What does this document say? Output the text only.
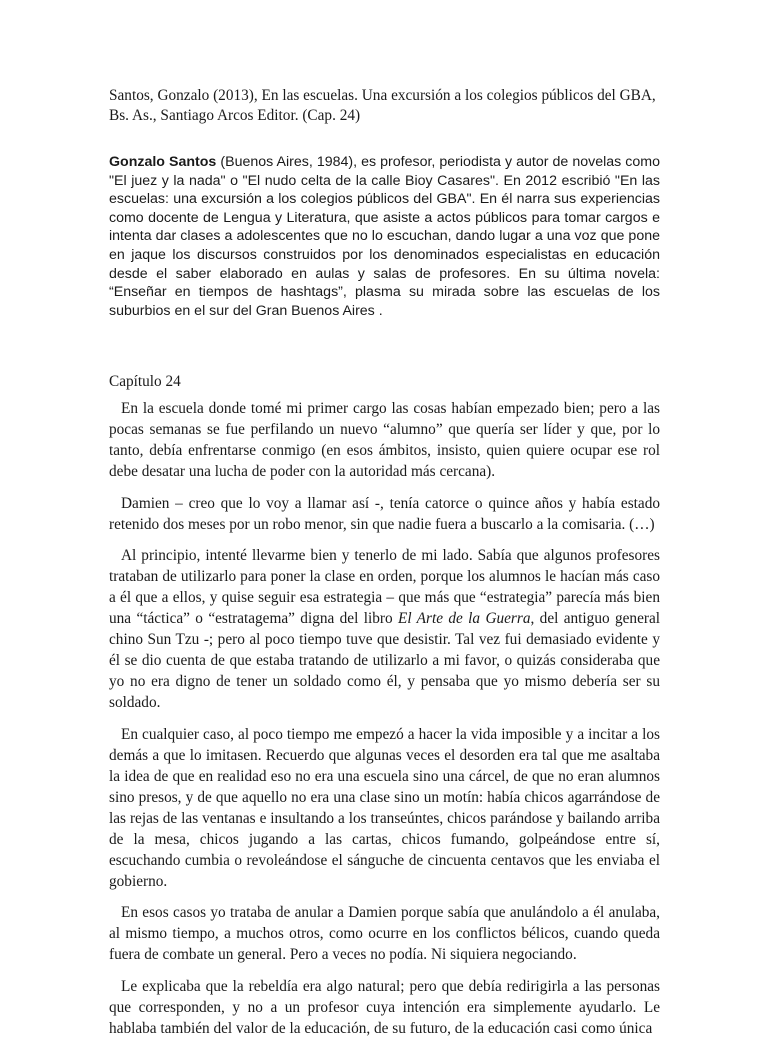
Santos, Gonzalo (2013), En las escuelas. Una excursión a los colegios públicos del GBA, Bs. As., Santiago Arcos Editor. (Cap. 24)

Gonzalo Santos (Buenos Aires, 1984), es profesor, periodista y autor de novelas como "El juez y la nada" o "El nudo celta de la calle Bioy Casares". En 2012 escribió "En las escuelas: una excursión a los colegios públicos del GBA". En él narra sus experiencias como docente de Lengua y Literatura, que asiste a actos públicos para tomar cargos e intenta dar clases a adolescentes que no lo escuchan, dando lugar a una voz que pone en jaque los discursos construidos por los denominados especialistas en educación desde el saber elaborado en aulas y salas de profesores. En su última novela: “Enseñar en tiempos de hashtags”, plasma su mirada sobre las escuelas de los suburbios en el sur del Gran Buenos Aires .

Capítulo 24

En la escuela donde tomé mi primer cargo las cosas habían empezado bien; pero a las pocas semanas se fue perfilando un nuevo “alumno” que quería ser líder y que, por lo tanto, debía enfrentarse conmigo (en esos ámbitos, insisto, quien quiere ocupar ese rol debe desatar una lucha de poder con la autoridad más cercana).

Damien – creo que lo voy a llamar así -, tenía catorce o quince años y había estado retenido dos meses por un robo menor, sin que nadie fuera a buscarlo a la comisaria. (…)

Al principio, intenté llevarme bien y tenerlo de mi lado. Sabía que algunos profesores trataban de utilizarlo para poner la clase en orden, porque los alumnos le hacían más caso a él que a ellos, y quise seguir esa estrategia – que más que “estrategia” parecía más bien una “táctica” o “estratagema” digna del libro El Arte de la Guerra, del antiguo general chino Sun Tzu -; pero al poco tiempo tuve que desistir. Tal vez fui demasiado evidente y él se dio cuenta de que estaba tratando de utilizarlo a mi favor, o quizás consideraba que yo no era digno de tener un soldado como él, y pensaba que yo mismo debería ser su soldado.

En cualquier caso, al poco tiempo me empezó a hacer la vida imposible y a incitar a los demás a que lo imitasen. Recuerdo que algunas veces el desorden era tal que me asaltaba la idea de que en realidad eso no era una escuela sino una cárcel, de que no eran alumnos sino presos, y de que aquello no era una clase sino un motín: había chicos agarrándose de las rejas de las ventanas e insultando a los transeúntes, chicos parándose y bailando arriba de la mesa, chicos jugando a las cartas, chicos fumando, golpeándose entre sí, escuchando cumbia o revoleándose el sánguche de cincuenta centavos que les enviaba el gobierno.

En esos casos yo trataba de anular a Damien porque sabía que anulándolo a él anulaba, al mismo tiempo, a muchos otros, como ocurre en los conflictos bélicos, cuando queda fuera de combate un general. Pero a veces no podía. Ni siquiera negociando.

Le explicaba que la rebeldía era algo natural; pero que debía redirigirla a las personas que corresponden, y no a un profesor cuya intención era simplemente ayudarlo. Le hablaba también del valor de la educación, de su futuro, de la educación casi como única
